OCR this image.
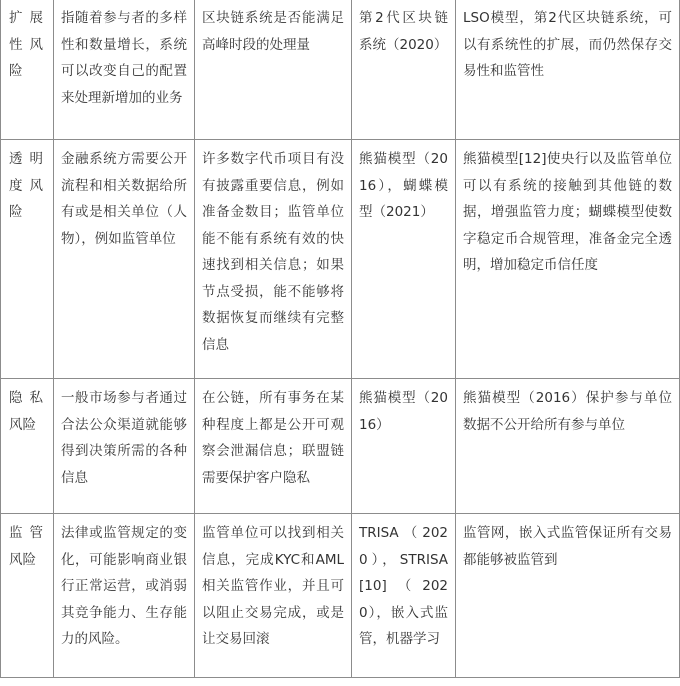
扩展性风险	指随着参与者的多样性和数量增长，系统可以改变自己的配置来处理新增加的业务	区块链系统是否能满足高峰时段的处理量	第2代区块链系统（2020）	LSO模型，第2代区块链系统，可以有系统性的扩展，而仍然保存交易性和监管性

透明度风险	金融系统方需要公开流程和相关数据给所有或是相关单位（人物），例如监管单位	许多数字代币项目有没有披露重要信息，例如准备金数目；监管单位能不能有系统有效的快速找到相关信息；如果节点受损，能不能够将数据恢复而继续有完整信息	熊猫模型（2016），蝴蝶模型（2021）	熊猫模型[12]使央行以及监管单位可以有系统的接触到其他链的数据，增强监管力度；蝴蝶模型使数字稳定币合规管理，准备金完全透明，增加稳定币信任度

隐私风险	一般市场参与者通过合法公众渠道就能够得到决策所需的各种信息	在公链，所有事务在某种程度上都是公开可观察会泄漏信息；联盟链需要保护客户隐私	熊猫模型（2016）	熊猫模型（2016）保护参与单位数据不公开给所有参与单位

监管风险	法律或监管规定的变化，可能影响商业银行正常运营，或消弱其竞争能力、生存能力的风险。	监管单位可以找到相关信息，完成KYC和AML相关监管作业，并且可以阻止交易完成，或是让交易回滚	TRISA（2020），STRISA[10]（2020），嵌入式监管，机器学习	监管网，嵌入式监管保证所有交易都能够被监管到
